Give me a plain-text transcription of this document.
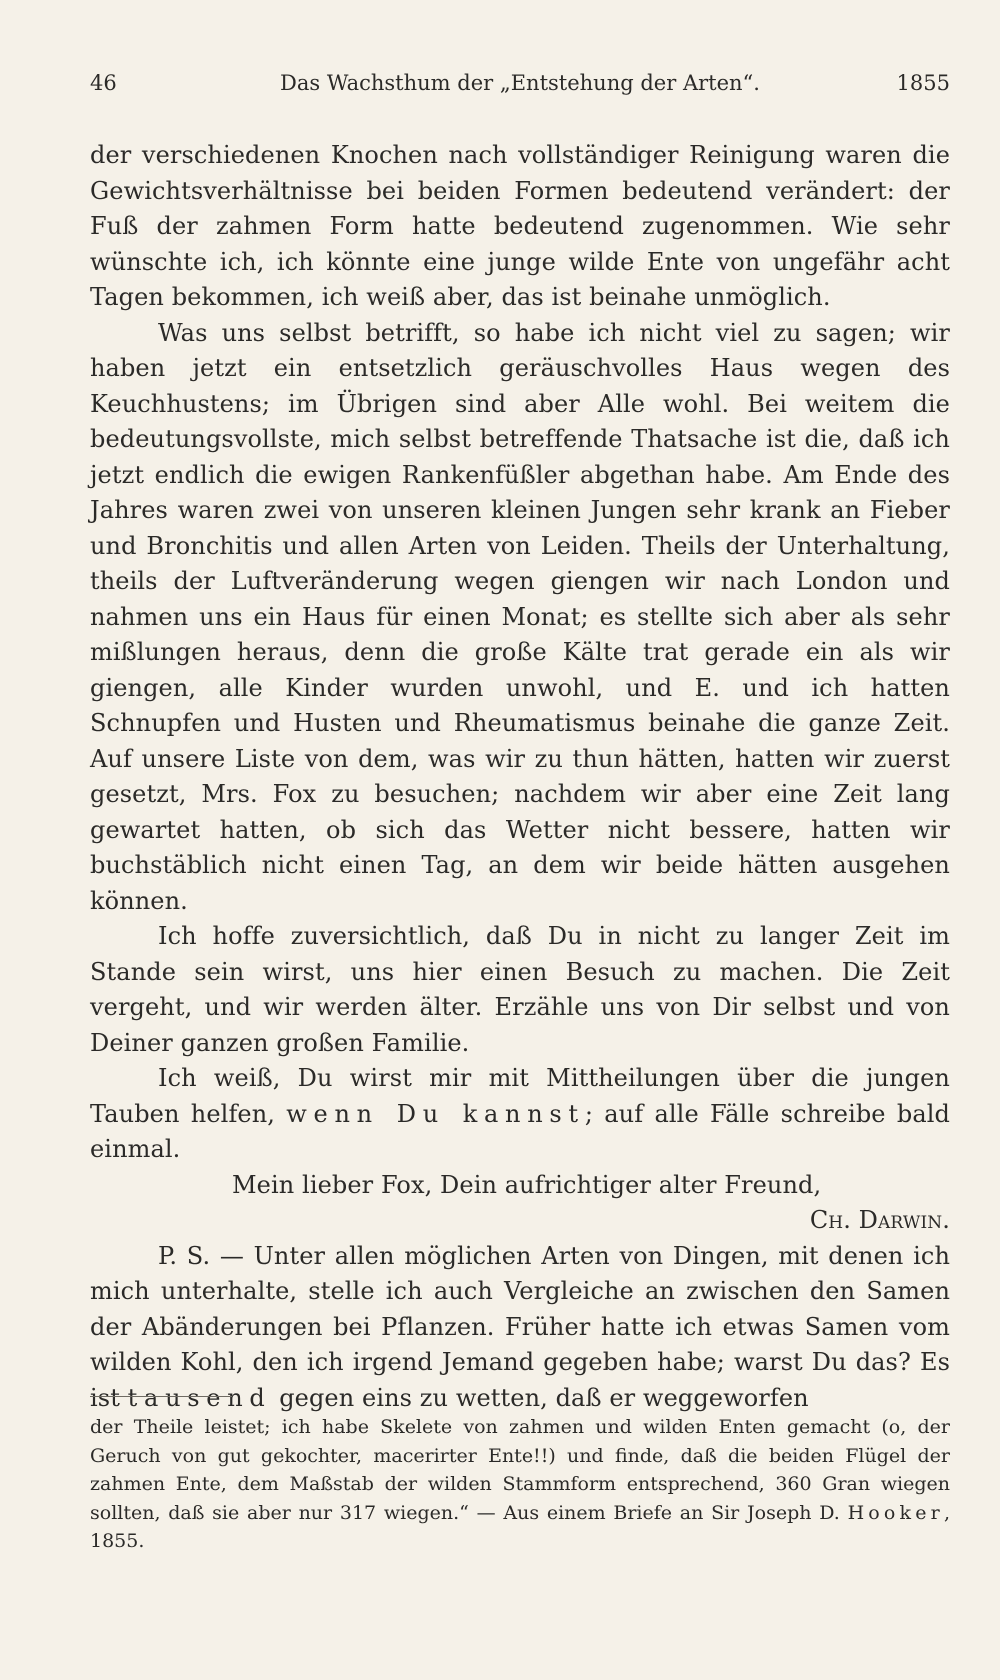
46	Das Wachsthum der „Entstehung der Arten“.	1855

der verschiedenen Knochen nach vollständiger Reinigung waren die Gewichtsverhältnisse bei beiden Formen bedeutend verändert: der Fuß der zahmen Form hatte bedeutend zugenommen. Wie sehr wünschte ich, ich könnte eine junge wilde Ente von ungefähr acht Tagen bekommen, ich weiß aber, das ist beinahe unmöglich.

Was uns selbst betrifft, so habe ich nicht viel zu sagen; wir haben jetzt ein entsetzlich geräuschvolles Haus wegen des Keuchhustens; im Übrigen sind aber Alle wohl. Bei weitem die bedeutungsvollste, mich selbst betreffende Thatsache ist die, daß ich jetzt endlich die ewigen Rankenfüßler abgethan habe. Am Ende des Jahres waren zwei von unseren kleinen Jungen sehr krank an Fieber und Bronchitis und allen Arten von Leiden. Theils der Unterhaltung, theils der Luftveränderung wegen giengen wir nach London und nahmen uns ein Haus für einen Monat; es stellte sich aber als sehr mißlungen heraus, denn die große Kälte trat gerade ein als wir giengen, alle Kinder wurden unwohl, und E. und ich hatten Schnupfen und Husten und Rheumatismus beinahe die ganze Zeit. Auf unsere Liste von dem, was wir zu thun hätten, hatten wir zuerst gesetzt, Mrs. Fox zu besuchen; nachdem wir aber eine Zeit lang gewartet hatten, ob sich das Wetter nicht bessere, hatten wir buchstäblich nicht einen Tag, an dem wir beide hätten ausgehen können.

Ich hoffe zuversichtlich, daß Du in nicht zu langer Zeit im Stande sein wirst, uns hier einen Besuch zu machen. Die Zeit vergeht, und wir werden älter. Erzähle uns von Dir selbst und von Deiner ganzen großen Familie.

Ich weiß, Du wirst mir mit Mittheilungen über die jungen Tauben helfen, wenn Du kannst; auf alle Fälle schreibe bald einmal.

Mein lieber Fox, Dein aufrichtiger alter Freund,

Ch. Darwin.

P. S. — Unter allen möglichen Arten von Dingen, mit denen ich mich unterhalte, stelle ich auch Vergleiche an zwischen den Samen der Abänderungen bei Pflanzen. Früher hatte ich etwas Samen vom wilden Kohl, den ich irgend Jemand gegeben habe; warst Du das? Es ist tausend gegen eins zu wetten, daß er weggeworfen

der Theile leistet; ich habe Skelete von zahmen und wilden Enten gemacht (o, der Geruch von gut gekochter, macerirter Ente!!) und finde, daß die beiden Flügel der zahmen Ente, dem Maßstab der wilden Stammform entsprechend, 360 Gran wiegen sollten, daß sie aber nur 317 wiegen.“ — Aus einem Briefe an Sir Joseph D. Hooker, 1855.
